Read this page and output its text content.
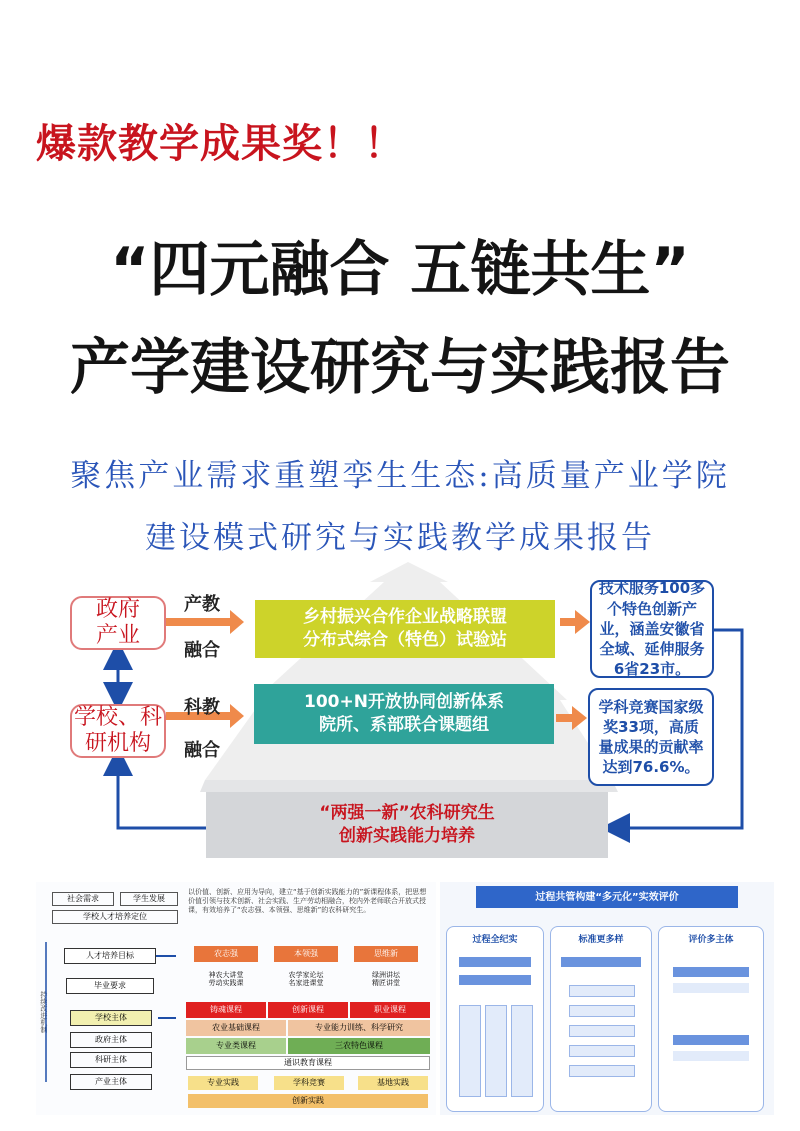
爆款教学成果奖！！
“四元融合 五链共生”
产学建设研究与实践报告
聚焦产业需求重塑孪生生态:高质量产业学院
建设模式研究与实践教学成果报告
政府
产业
学校、科
研机构
产教
融合
科教
融合
乡村振兴合作企业战略联盟
分布式综合（特色）试验站
100+N开放协同创新体系
院所、系部联合课题组
“两强一新”农科研究生
创新实践能力培养
技术服务100多个特色创新产业，涵盖安徽省全域、延伸服务6省23市。
学科竞赛国家级奖33项，高质量成果的贡献率达到76.6%。
社会需求	学生发展
学校人才培养定位
人才培养目标
毕业要求
学校主体
政府主体
科研主体
产业主体
持续改进机制
以价值、创新、应用为导向，建立“基于创新实践能力的”新课程体系，把思想价值引领与技术创新、社会实践、生产劳动相融合，校内外老师联合开放式授课，有效培养了“农志强、本领强、思维新”的农科研究生。
农志强	本领强	思维新
神农大讲堂
劳动实践课
农学家论坛
名家进课堂
绿洲讲坛
精匠讲堂
铸魂课程	创新课程	职业课程
农业基础课程	专业能力训练、科学研究
专业类课程	三农特色课程
通识教育课程
专业实践	学科竞赛	基地实践
创新实践
过程共管构建“多元化”实效评价
过程全纪实	标准更多样	评价多主体
